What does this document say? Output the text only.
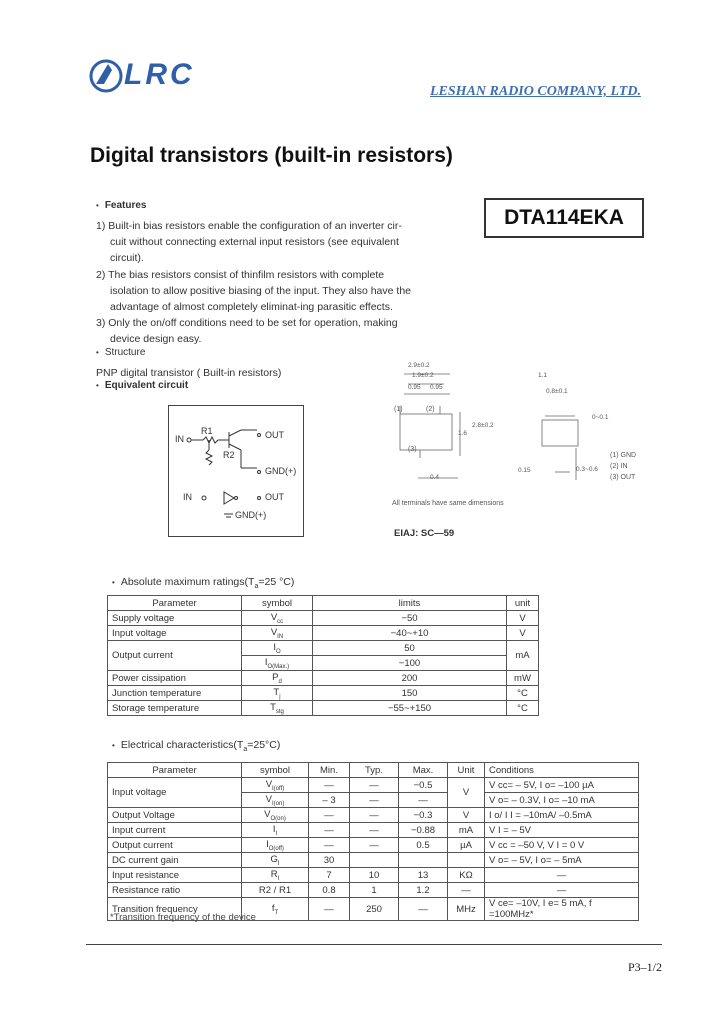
LRC
LESHAN RADIO COMPANY, LTD.
Digital transistors (built-in resistors)
DTA114EKA
• Features

1) Built-in bias resistors enable the configuration of an inverter cir-

cuit without connecting external input resistors (see equivalent

circuit).

2) The bias resistors consist of thinfilm resistors with complete

isolation to allow positive biasing of the input. They also have the

advantage of almost completely eliminat-ing parasitic effects.

3) Only the on/off conditions need to be set for operation, making

device design easy.

• Structure
PNP digital transistor ( Built-in resistors)
• Equivalent circuit
IN
R1
R2
OUT
GND(+)
IN	OUT
GND(+)
2.9±0.2
1.9±0.2
0.95 0.95
1.1
0.8±0.1
1.6
2.8±0.2
0.4
0.15
0~0.1
0.3~0.6
(1)	(2)
(3)
(1) GND
(2) IN
(3) OUT
All terminals have same dimensions
EIAJ: SC—59
• Absolute maximum $ratings(T_a=25$ °C)
Parameter	symbol	limits	unit
Supply voltage	$V_{cc}$	−50	V
Input voltage	$V_{IN}$	−40~+10	V
Output current	$I_O$	50	mA
	$I_{O(Max.)}$	−100	
Power cissipation	$P_d$	200	mW
Junction temperature	$T_j$	150	°C
Storage temperature	$T_{stg}$	−55~+150	°C
• Electrical $characteristics(T_a=25^\circ C)$
Parameter	symbol	Min.	Typ.	Max.	Unit	Conditions
Input voltage	$V_{I(off)}$	—	—	−0.5	V	V cc= – 5V, I o= –100 µA
	$V_{I(on)}$	– 3	—	—		V o= – 0.3V, I o= –10 mA
Output Voltage	$V_{O(on)}$	—	—	−0.3	V	I o/ I I = –10mA/ –0.5mA
Input current	$I_I$	—	—	−0.88	mA	V I = – 5V
Output current	$I_{O(off)}$	—	—	0.5	µA	V cc = –50 V, V I = 0 V
DC current gain	$G_I$	30				V o= – 5V, I o= – 5mA
Input resistance	$R_I$	7	10	13	KΩ	—
Resistance ratio	R2 / R1	0.8	1	1.2	—	—
Transition frequency	$f_T$	—	250	—	MHz	V ce= –10V, I e= 5 mA, f =100MHz*
*Transition frequency of the device
P3–1/2
